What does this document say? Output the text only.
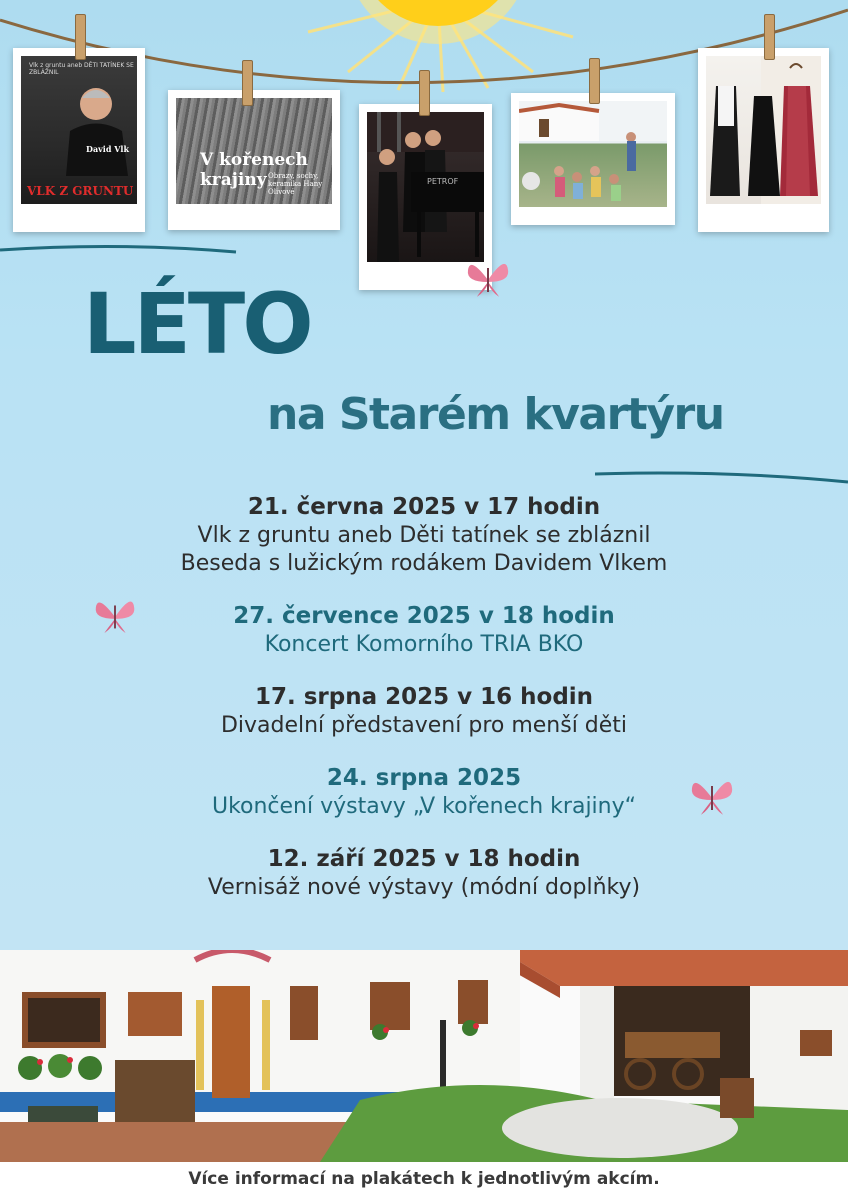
Vlk z gruntu aneb DĚTI TATÍNEK SE ZBLÁZNIL
David Vlk
VLK Z GRUNTU
V kořenech
krajiny Obrazy, sochy, keramika Hany Olivové
PETROF
LÉTO
na Starém kvartýru
21. června 2025 v 17 hodin
Vlk z gruntu aneb Děti tatínek se zbláznil
Beseda s lužickým rodákem Davidem Vlkem
27. července 2025 v 18 hodin
Koncert Komorního TRIA BKO
17. srpna 2025 v 16 hodin
Divadelní představení pro menší děti
24. srpna 2025
Ukončení výstavy „V kořenech krajiny“
12. září 2025 v 18 hodin
Vernisáž nové výstavy (módní doplňky)
Více informací na plakátech k jednotlivým akcím.
